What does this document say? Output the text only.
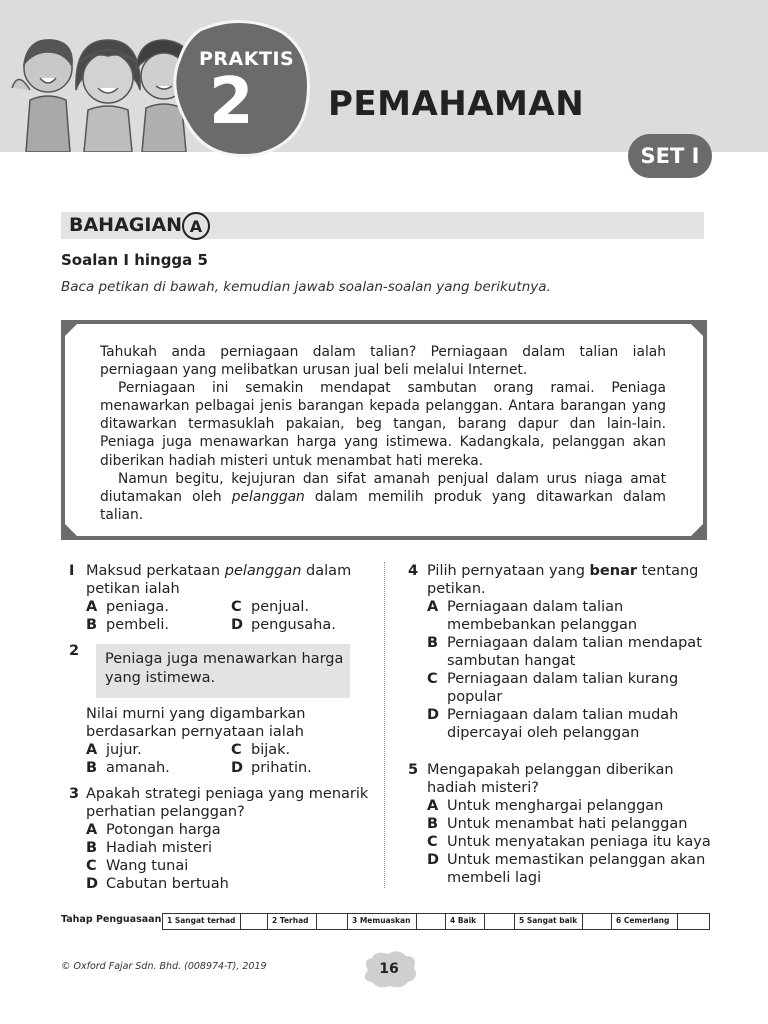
PRAKTIS
2 PEMAHAMAN
SET I
BAHAGIAN A
Soalan I hingga 5
Baca petikan di bawah, kemudian jawab soalan-soalan yang berikutnya.

Tahukah anda perniagaan dalam talian? Perniagaan dalam talian ialah perniagaan yang melibatkan urusan jual beli melalui Internet.

Perniagaan ini semakin mendapat sambutan orang ramai. Peniaga menawarkan pelbagai jenis barangan kepada pelanggan. Antara barangan yang ditawarkan termasuklah pakaian, beg tangan, barang dapur dan lain-lain. Peniaga juga menawarkan harga yang istimewa. Kadangkala, pelanggan akan diberikan hadiah misteri untuk menambat hati mereka.

Namun begitu, kejujuran dan sifat amanah penjual dalam urus niaga amat diutamakan oleh pelanggan dalam memilih produk yang ditawarkan dalam talian.

I Maksud perkataan pelanggan dalam
petikan ialah
A peniaga.	C penjual.
B pembeli.	D pengusaha.
2 Peniaga juga menawarkan harga yang istimewa.
Nilai murni yang digambarkan
berdasarkan pernyataan ialah
A jujur.	C bijak.
B amanah.	D prihatin.
3 Apakah strategi peniaga yang menarik
perhatian pelanggan?
A Potongan harga
B Hadiah misteri
C Wang tunai
D Cabutan bertuah
4 Pilih pernyataan yang benar tentang
petikan.
A Perniagaan dalam talian
membebankan pelanggan
B Perniagaan dalam talian mendapat
sambutan hangat
C Perniagaan dalam talian kurang
popular
D Perniagaan dalam talian mudah
dipercayai oleh pelanggan
5 Mengapakah pelanggan diberikan
hadiah misteri?
A Untuk menghargai pelanggan
B Untuk menambat hati pelanggan
C Untuk menyatakan peniaga itu kaya
D Untuk memastikan pelanggan akan
membeli lagi
Tahap Penguasaan 1 Sangat terhad	2 Terhad	3 Memuaskan	4 Baik	5 Sangat baik	6 Cemerlang
© Oxford Fajar Sdn. Bhd. (008974-T), 2019	16
